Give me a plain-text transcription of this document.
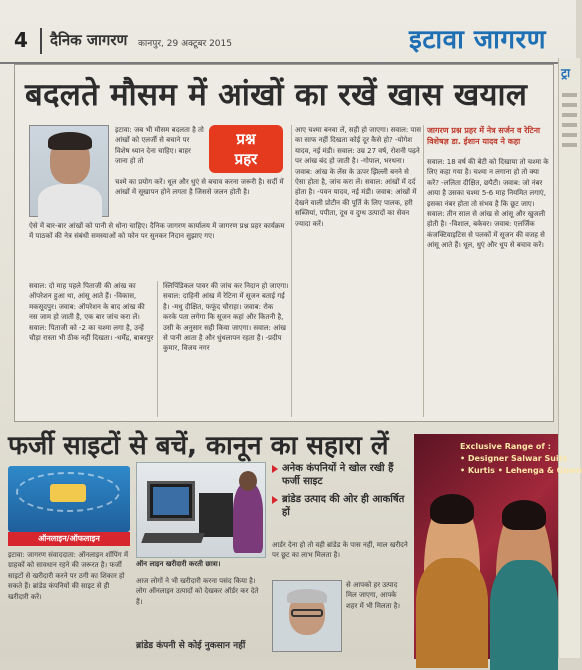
4 दैनिक जागरण कानपुर, 29 अक्टूबर 2015	इटावा जागरण
ट्रा
बदलते मौसम में आंखों का रखें खास खयाल

इटावा: जब भी मौसम बदलता है तो आंखों को एलर्जी से बचाने पर विशेष ध्यान देना चाहिए। बाहर जाना हो तो

प्रश्न
प्रहर

चश्मे का प्रयोग करें। धूल और धुएं से बचाव करना जरूरी है। सर्दी में आंखों में सूखापन होने लगता है जिससे जलन होती है।

ऐसे में बार-बार आंखों को पानी से धोना चाहिए। दैनिक जागरण कार्यालय में जागरण प्रश्न प्रहर कार्यक्रम में पाठकों की नेत्र संबंधी समस्याओं को फोन पर सुनकर निदान सुझाए गए।

सवाल: दो माह पहले पिताजी की आंख का ऑपरेशन हुआ था, आंसू आते हैं। -विकास, मकसूदपुर। जवाब: ऑपरेशन के बाद आंख की नस जाम हो जाती है, एक बार जांच करा लें। सवाल: पिताजी को -2 का चश्मा लगा है, उन्हें चौड़ा रास्ता भी ठीक नहीं दिखता। -धर्मेंद्र, बाबरपुर

स्लिपिंडिकल पावर की जांच कर निदान हो जाएगा। सवाल: दाहिनी आंख में रेटिना में सूजन बताई गई है। -मधु दीक्षित, फफूंद चौराहा। जवाब: रोक करके पता लगेगा कि सूजन कहां और कितनी है, उसी के अनुसार सही किया जाएगा। सवाल: आंख से पानी आता है और धुंधलापन रहता है। -प्रदीप कुमार, विजय नगर

आए चश्मा बनवा लें, सही हो जाएगा। सवाल: पास का साफ नहीं दिखता कोई दूर कैसे हो? -योगेश यादव, नई मंडी। सवाल: उम्र 27 वर्ष, रोशनी पढ़ने पर आंख बंद हो जाती है। -गोपाल, भरथना। जवाब: आंख के लेंस के ऊपर झिल्ली बनने से ऐसा होता है, जांच करा लें। सवाल: आंखों में दर्द होता है। -पवन यादव, नई मंडी। जवाब: आंखों में देखने वाली प्रोटीन की पूर्ति के लिए पालक, हरी सब्जियां, पपीता, दूध व दुग्ध उत्पादों का सेवन ज्यादा करें।

जागरण प्रश्न प्रहर में नेत्र सर्जन व रेटिना विशेषज्ञ डा. ईशान यादव ने कहा

सवाल: 18 वर्ष की बेटी को दिखाया तो चश्मा के लिए कहा गया है। चश्मा न लगाना हो तो क्या करें? -ललिता दीक्षित, छपैटी। जवाब: जो नंबर आया है उसका चश्मा 5-6 माह नियमित लगाएं, इसका नंबर होता तो संभव है कि छूट जाए। सवाल: तीन साल से आंख से आंसू और खुजली होती है। -विशाल, बकेवर। जवाब: एलर्जिक कंजक्टिवाइटिस से पलकों में सूजन की वजह से आंसू आते हैं। धूल, धुएं और धूप से बचाव करें।

फर्जी साइटों से बचें, कानून का सहारा लें
ऑनलाइन/ऑफलाइन
ऑन लाइन खरीदारी करती छात्रा।
अनेक कंपनियों ने खोल रखी हैं फर्जी साइट
ब्रांडेड उत्पाद की ओर ही आकर्षित हों

इटावा: जागरण संवाददाता: ऑनलाइन शॉपिंग में ग्राहकों को सावधान रहने की जरूरत है। फर्जी साइटों से खरीदारी करने पर ठगी का शिकार हो सकते हैं। ब्रांडेड कंपनियों की साइट से ही खरीदारी करें।

आज लोगों ने भी खरीदारी करना पसंद किया है। लोग ऑनलाइन उत्पादों को देखकर ऑर्डर कर देते हैं।

आर्डर देना हो तो वही ब्रांडेड के पास नहीं, माल खरीदने पर छूट का लाभ मिलता है।

से आपको हर उत्पाद मिल जाएगा, आपके शहर में भी मिलता है।

ब्रांडेड कंपनी से कोई नुकसान नहीं
Exclusive Range of :
• Designer Salwar Suits
• Kurtis • Lehenga & Gown
